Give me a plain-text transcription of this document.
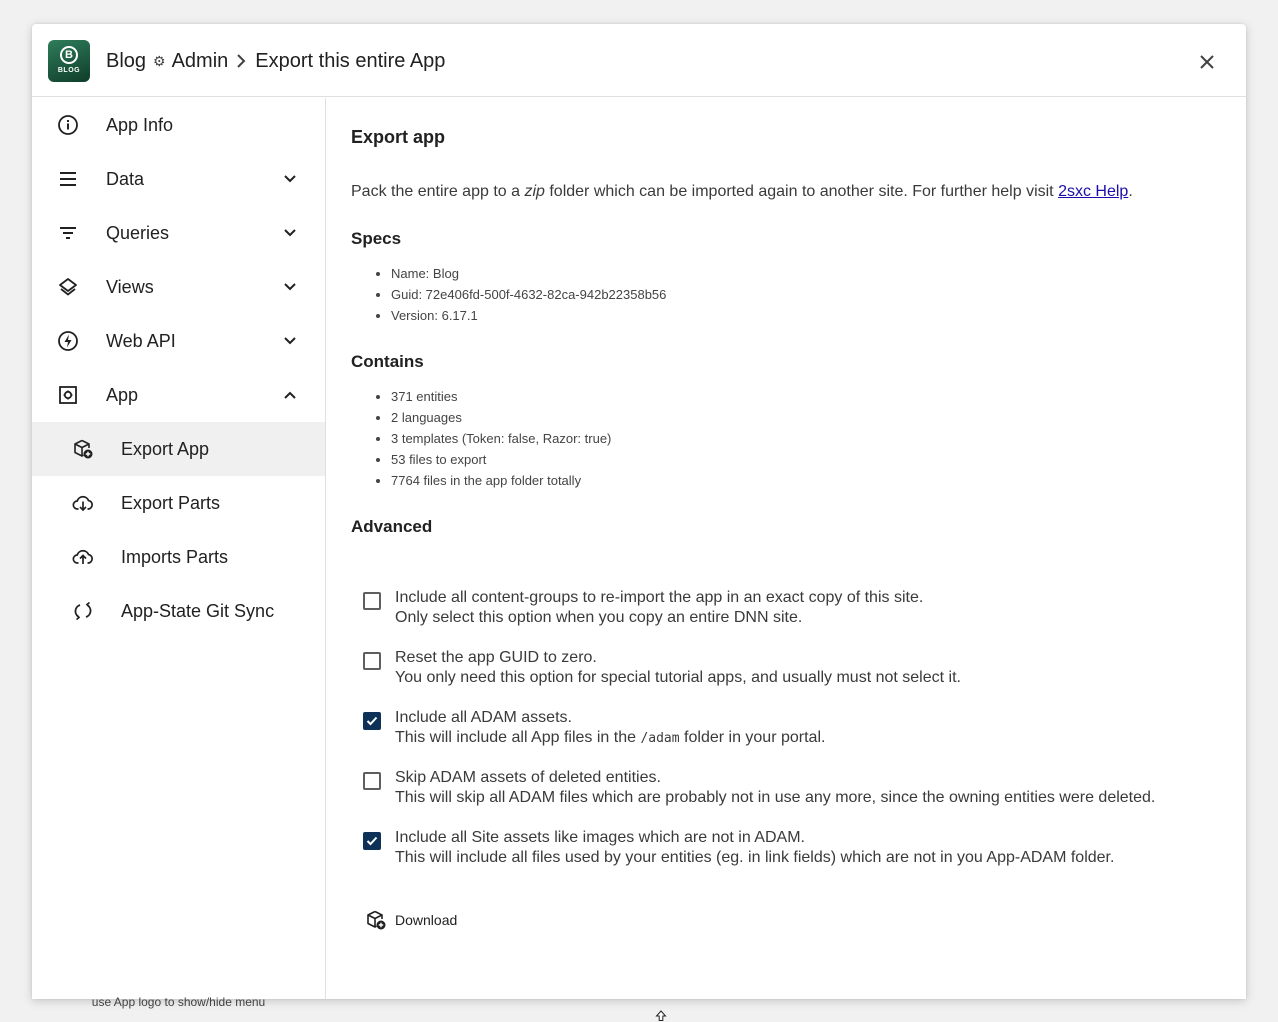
B
BLOG	Blog ⚙ Admin Export this entire App
App Info
Data
Queries
Views
Web API
App
Export App
Export Parts
Imports Parts
App-State Git Sync
use App logo to show/hide menu
Export app
Pack the entire app to a zip folder which can be imported again to another site. For further help visit 2sxc Help.
Specs
• Name: Blog
• Guid: 72e406fd-500f-4632-82ca-942b22358b56
• Version: 6.17.1
Contains
• 371 entities
• 2 languages
• 3 templates (Token: false, Razor: true)
• 53 files to export
• 7764 files in the app folder totally
Advanced
Include all content-groups to re-import the app in an exact copy of this site.
Only select this option when you copy an entire DNN site.
Reset the app GUID to zero.
You only need this option for special tutorial apps, and usually must not select it.
Include all ADAM assets.
This will include all App files in the /adam folder in your portal.
Skip ADAM assets of deleted entities.
This will skip all ADAM files which are probably not in use any more, since the owning entities were deleted.
Include all Site assets like images which are not in ADAM.
This will include all files used by your entities (eg. in link fields) which are not in you App-ADAM folder.
Download
